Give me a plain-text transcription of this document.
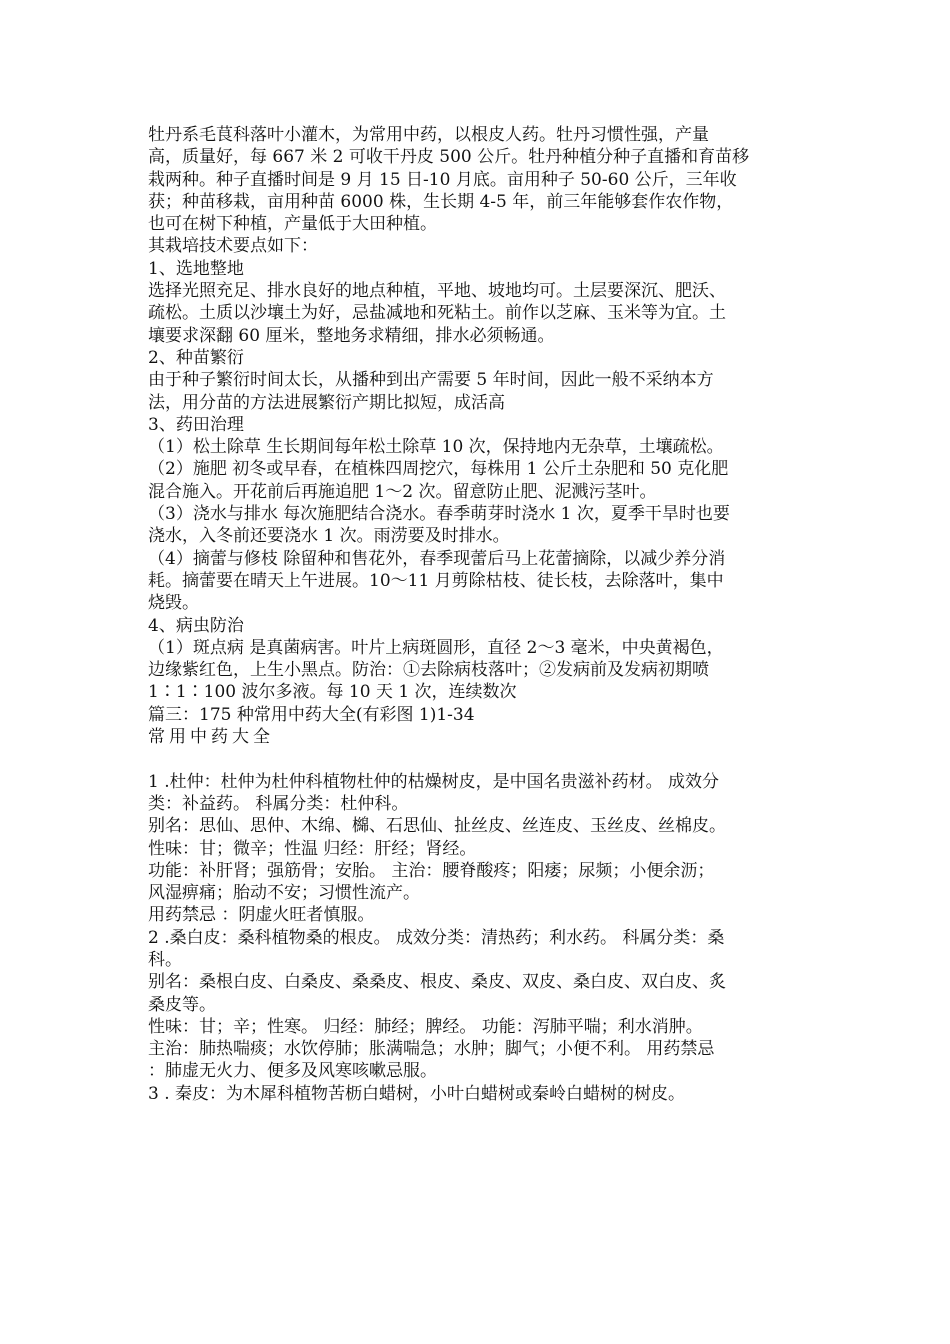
牡丹系毛茛科落叶小灌木，为常用中药，以根皮人药。牡丹习惯性强，产量
高，质量好，每 667 米 2 可收干丹皮 500 公斤。牡丹种植分种子直播和育苗移
栽两种。种子直播时间是 9 月 15 日-10 月底。亩用种子 50-60 公斤，三年收
获；种苗移栽，亩用种苗 6000 株，生长期 4-5 年，前三年能够套作农作物，
也可在树下种植，产量低于大田种植。
其栽培技术要点如下：
1、选地整地
选择光照充足、排水良好的地点种植，平地、坡地均可。土层要深沉、肥沃、
疏松。土质以沙壤土为好，忌盐减地和死粘土。前作以芝麻、玉米等为宜。土
壤要求深翻 60 厘米，整地务求精细，排水必须畅通。
2、种苗繁衍
由于种子繁衍时间太长，从播种到出产需要 5 年时间，因此一般不采纳本方
法，用分苗的方法进展繁衍产期比拟短，成活高
3、药田治理
（1）松土除草 生长期间每年松土除草 10 次，保持地内无杂草，土壤疏松。
（2）施肥 初冬或早春，在植株四周挖穴，每株用 1 公斤土杂肥和 50 克化肥
混合施入。开花前后再施追肥 1～2 次。留意防止肥、泥溅污茎叶。
（3）浇水与排水 每次施肥结合浇水。春季萌芽时浇水 1 次，夏季干旱时也要
浇水，入冬前还要浇水 1 次。雨涝要及时排水。
（4）摘蕾与修枝 除留种和售花外，春季现蕾后马上花蕾摘除，以减少养分消
耗。摘蕾要在晴天上午进展。10～11 月剪除枯枝、徒长枝，去除落叶，集中
烧毁。
4、病虫防治
（1）斑点病 是真菌病害。叶片上病斑圆形，直径 2～3 毫米，中央黄褐色，
边缘紫红色，上生小黑点。防治：①去除病枝落叶；②发病前及发病初期喷
1∶1∶100 波尔多液。每 10 天 1 次，连续数次
篇三：175 种常用中药大全(有彩图 1)1-34
常用中药大全
1 .杜仲：杜仲为杜仲科植物杜仲的枯燥树皮，是中国名贵滋补药材。 成效分
类：补益药。 科属分类：杜仲科。
别名：思仙、思仲、木绵、檰、石思仙、扯丝皮、丝连皮、玉丝皮、丝棉皮。
性味：甘；微辛；性温 归经：肝经；肾经。
功能：补肝肾；强筋骨；安胎。 主治：腰脊酸疼；阳痿；尿频；小便余沥；
风湿痹痛；胎动不安；习惯性流产。
用药禁忌 ：阴虚火旺者慎服。
2 .桑白皮：桑科植物桑的根皮。 成效分类：清热药；利水药。 科属分类：桑
科。
别名：桑根白皮、白桑皮、桑桑皮、根皮、桑皮、双皮、桑白皮、双白皮、炙
桑皮等。
性味：甘；辛；性寒。 归经：肺经；脾经。 功能：泻肺平喘；利水消肿。
主治：肺热喘痰；水饮停肺；胀满喘急；水肿；脚气；小便不利。 用药禁忌
：肺虚无火力、便多及风寒咳嗽忌服。
3 . 秦皮：为木犀科植物苦枥白蜡树，小叶白蜡树或秦岭白蜡树的树皮。
